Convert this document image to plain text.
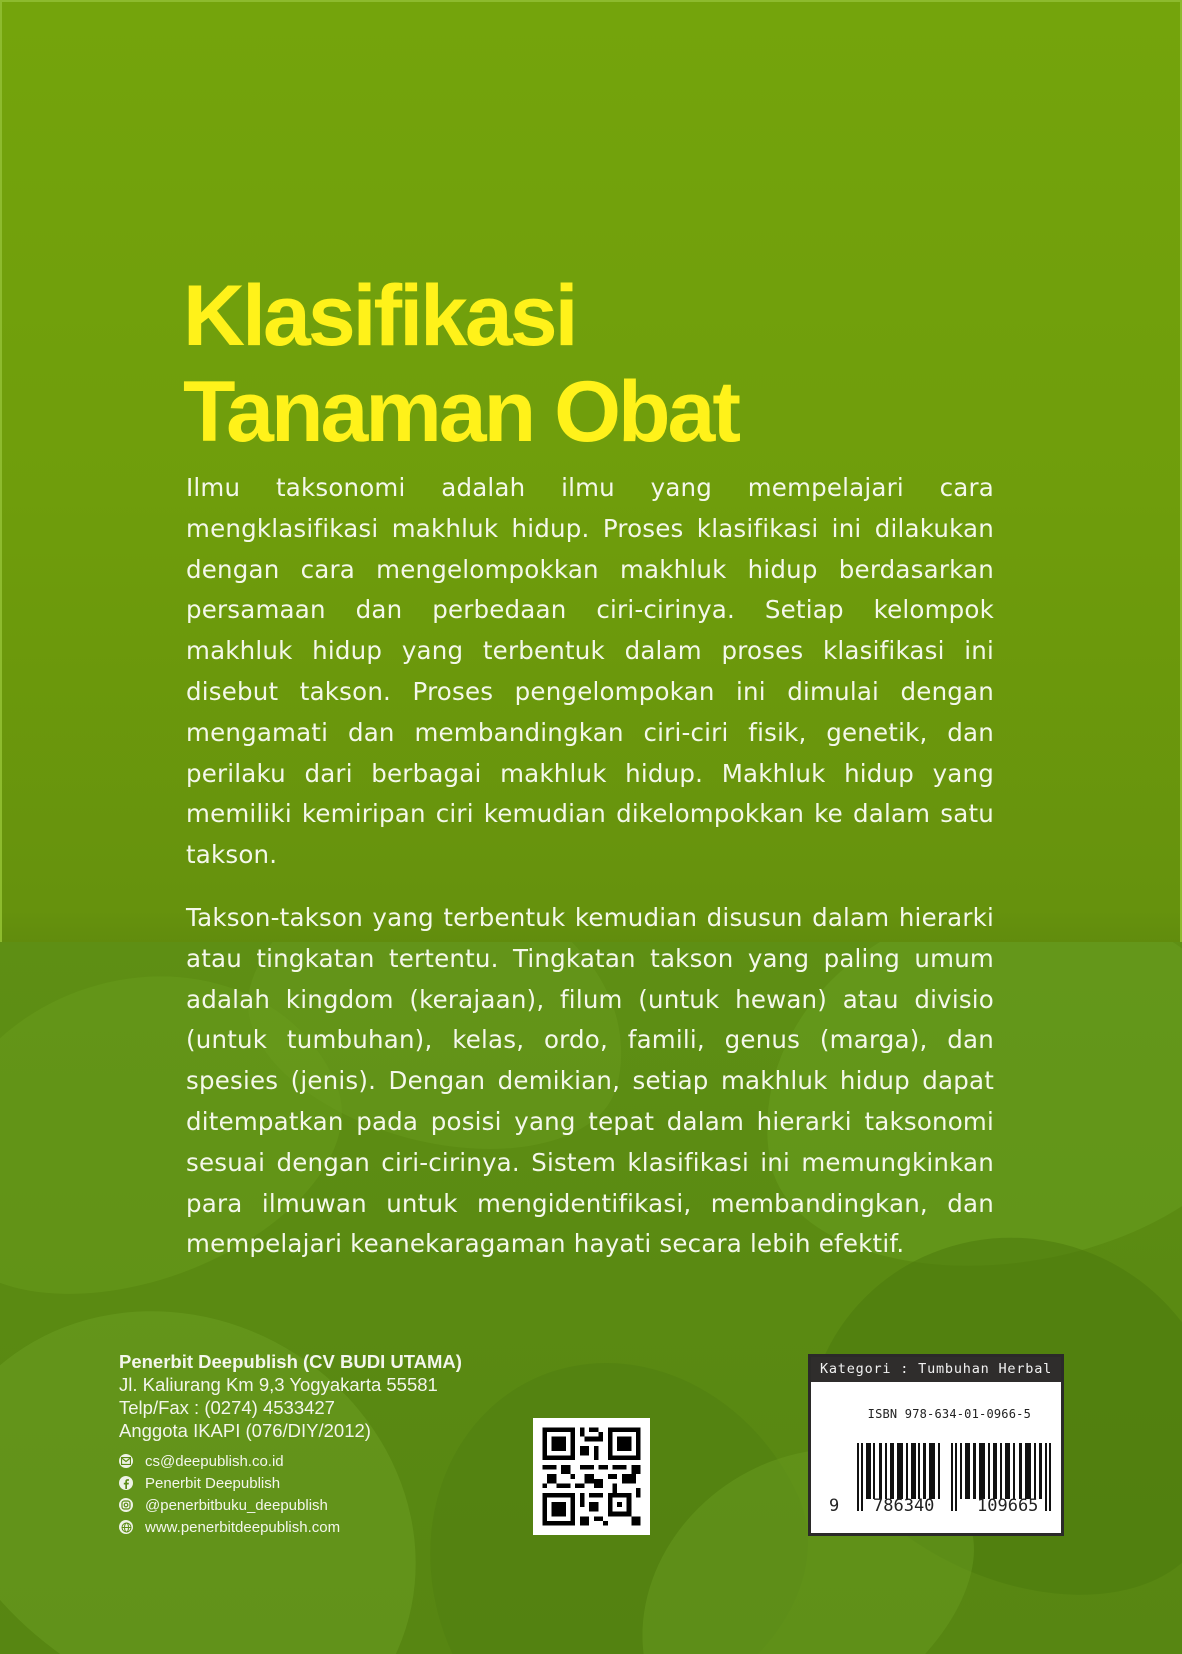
Klasifikasi
Tanaman Obat

Ilmu taksonomi adalah ilmu yang mempelajari cara mengklasifikasi makhluk hidup. Proses klasifikasi ini dilakukan dengan cara mengelompokkan makhluk hidup berdasarkan persamaan dan perbedaan ciri-cirinya. Setiap kelompok makhluk hidup yang terbentuk dalam proses klasifikasi ini disebut takson. Proses pengelompokan ini dimulai dengan mengamati dan membandingkan ciri-ciri fisik, genetik, dan perilaku dari berbagai makhluk hidup. Makhluk hidup yang memiliki kemiripan ciri kemudian dikelompokkan ke dalam satu takson.

Takson-takson yang terbentuk kemudian disusun dalam hierarki atau tingkatan tertentu. Tingkatan takson yang paling umum adalah kingdom (kerajaan), filum (untuk hewan) atau divisio (untuk tumbuhan), kelas, ordo, famili, genus (marga), dan spesies (jenis). Dengan demikian, setiap makhluk hidup dapat ditempatkan pada posisi yang tepat dalam hierarki taksonomi sesuai dengan ciri-cirinya. Sistem klasifikasi ini memungkinkan para ilmuwan untuk mengidentifikasi, membandingkan, dan mempelajari keanekaragaman hayati secara lebih efektif.

Penerbit Deepublish (CV BUDI UTAMA)
Jl. Kaliurang Km 9,3 Yogyakarta 55581
Telp/Fax : (0274) 4533427
Anggota IKAPI (076/DIY/2012)
cs@deepublish.co.id
Penerbit Deepublish
@penerbitbuku_deepublish
www.penerbitdeepublish.com
Kategori : Tumbuhan Herbal
ISBN 978-634-01-0966-5
9 786340	109665
